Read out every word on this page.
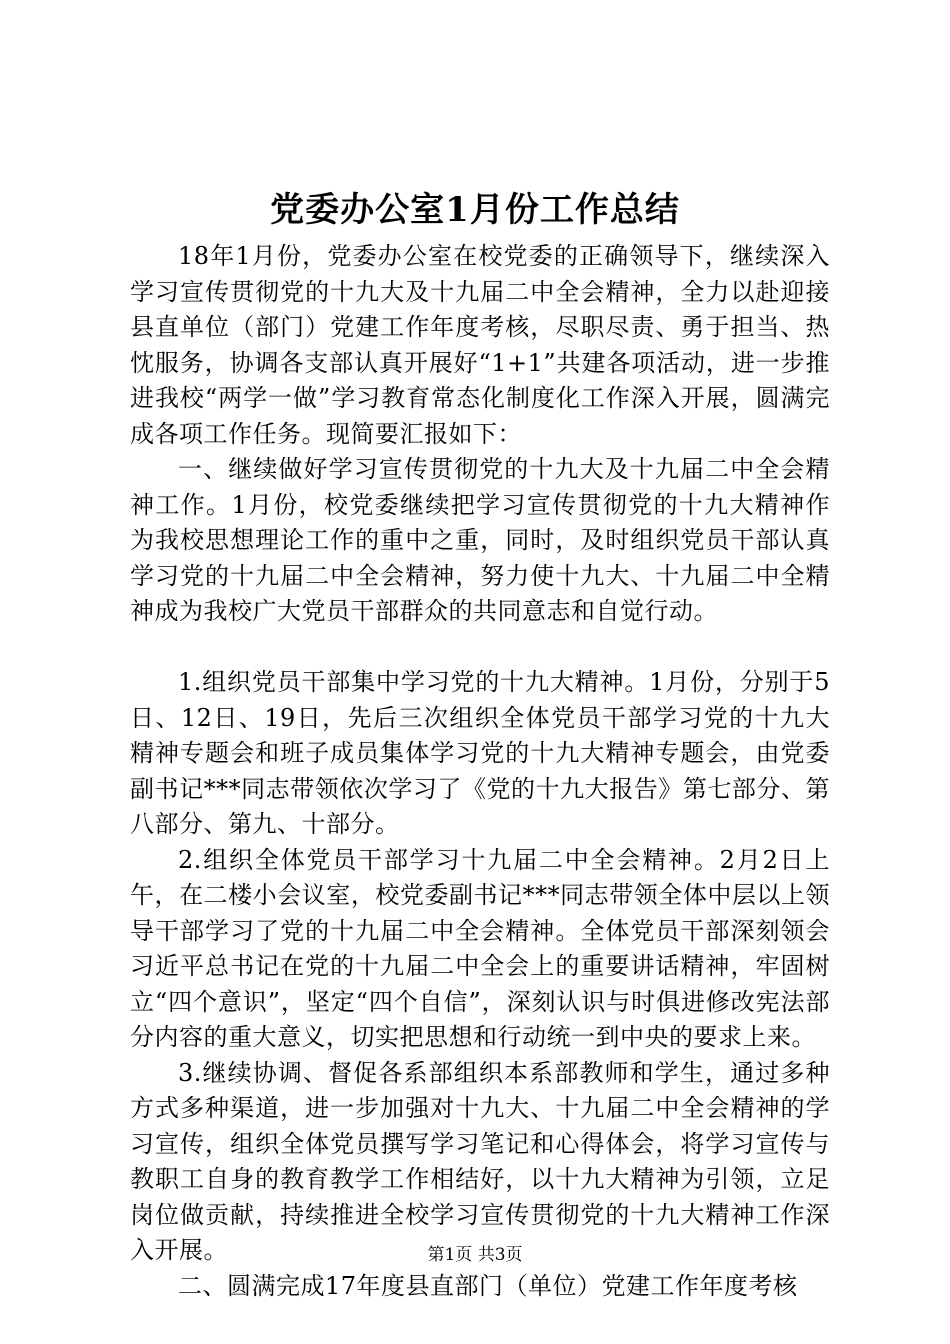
党委办公室1月份工作总结

18年1月份，党委办公室在校党委的正确领导下，继续深入学习宣传贯彻党的十九大及十九届二中全会精神，全力以赴迎接县直单位（部门）党建工作年度考核，尽职尽责、勇于担当、热忱服务，协调各支部认真开展好“1+1”共建各项活动，进一步推进我校“两学一做”学习教育常态化制度化工作深入开展，圆满完成各项工作任务。现简要汇报如下：

一、继续做好学习宣传贯彻党的十九大及十九届二中全会精神工作。1月份，校党委继续把学习宣传贯彻党的十九大精神作为我校思想理论工作的重中之重，同时，及时组织党员干部认真学习党的十九届二中全会精神，努力使十九大、十九届二中全精神成为我校广大党员干部群众的共同意志和自觉行动。

1.组织党员干部集中学习党的十九大精神。1月份，分别于5日、12日、19日，先后三次组织全体党员干部学习党的十九大精神专题会和班子成员集体学习党的十九大精神专题会，由党委副书记***同志带领依次学习了《党的十九大报告》第七部分、第八部分、第九、十部分。

2.组织全体党员干部学习十九届二中全会精神。2月2日上午，在二楼小会议室，校党委副书记***同志带领全体中层以上领导干部学习了党的十九届二中全会精神。全体党员干部深刻领会习近平总书记在党的十九届二中全会上的重要讲话精神，牢固树立“四个意识”，坚定“四个自信”，深刻认识与时俱进修改宪法部分内容的重大意义，切实把思想和行动统一到中央的要求上来。

3.继续协调、督促各系部组织本系部教师和学生，通过多种方式多种渠道，进一步加强对十九大、十九届二中全会精神的学习宣传，组织全体党员撰写学习笔记和心得体会，将学习宣传与教职工自身的教育教学工作相结好，以十九大精神为引领，立足岗位做贡献，持续推进全校学习宣传贯彻党的十九大精神工作深入开展。

二、圆满完成17年度县直部门（单位）党建工作年度考核

第1页 共3页
